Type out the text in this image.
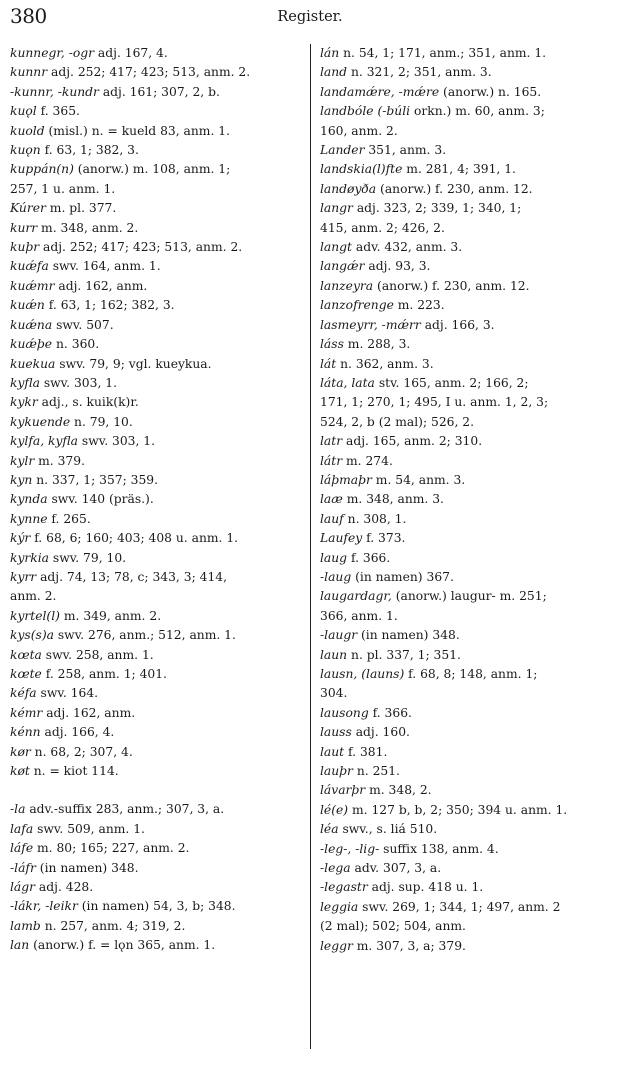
380	Register.
kunnegr, -ogr adj. 167, 4.
kunnr adj. 252; 417; 423; 513, anm. 2.
-kunnr, -kundr adj. 161; 307, 2, b.
kuǫl f. 365.
kuold (misl.) n. = kueld 83, anm. 1.
kuǫn f. 63, 1; 382, 3.
kuppán(n) (anorw.) m. 108, anm. 1;
257, 1 u. anm. 1.
Kúrer m. pl. 377.
kurr m. 348, anm. 2.
kuþr adj. 252; 417; 423; 513, anm. 2.
kuǽfa swv. 164, anm. 1.
kuǽmr adj. 162, anm.
kuǽn f. 63, 1; 162; 382, 3.
kuǽna swv. 507.
kuǽþe n. 360.
kuekua swv. 79, 9; vgl. kueykua.
kyfla swv. 303, 1.
kykr adj., s. kuik(k)r.
kykuende n. 79, 10.
kylfa, kyfla swv. 303, 1.
kylr m. 379.
kyn n. 337, 1; 357; 359.
kynda swv. 140 (präs.).
kynne f. 265.
kýr f. 68, 6; 160; 403; 408 u. anm. 1.
kyrkia swv. 79, 10.
kyrr adj. 74, 13; 78, c; 343, 3; 414,
anm. 2.
kyrtel(l) m. 349, anm. 2.
kys(s)a swv. 276, anm.; 512, anm. 1.
kœta swv. 258, anm. 1.
kœte f. 258, anm. 1; 401.
kéfa swv. 164.
kémr adj. 162, anm.
kénn adj. 166, 4.
kør n. 68, 2; 307, 4.
køt n. = kiot 114.
-la adv.-suffix 283, anm.; 307, 3, a.
lafa swv. 509, anm. 1.
láfe m. 80; 165; 227, anm. 2.
-láfr (in namen) 348.
lágr adj. 428.
-lákr, -leikr (in namen) 54, 3, b; 348.
lamb n. 257, anm. 4; 319, 2.
lan (anorw.) f. = lǫn 365, anm. 1.
lán n. 54, 1; 171, anm.; 351, anm. 1.
land n. 321, 2; 351, anm. 3.
landamǽre, -mǽre (anorw.) n. 165.
landbóle (-búli orkn.) m. 60, anm. 3;
160, anm. 2.
Lander 351, anm. 3.
landskia(l)fte m. 281, 4; 391, 1.
landøyða (anorw.) f. 230, anm. 12.
langr adj. 323, 2; 339, 1; 340, 1;
415, anm. 2; 426, 2.
langt adv. 432, anm. 3.
langǽr adj. 93, 3.
lanzeyra (anorw.) f. 230, anm. 12.
lanzofrenge m. 223.
lasmeyrr, -mǽrr adj. 166, 3.
láss m. 288, 3.
lát n. 362, anm. 3.
láta, lata stv. 165, anm. 2; 166, 2;
171, 1; 270, 1; 495, I u. anm. 1, 2, 3;
524, 2, b (2 mal); 526, 2.
latr adj. 165, anm. 2; 310.
látr m. 274.
láþmaþr m. 54, anm. 3.
laæ m. 348, anm. 3.
lauf n. 308, 1.
Laufey f. 373.
laug f. 366.
-laug (in namen) 367.
laugardagr, (anorw.) laugur- m. 251;
366, anm. 1.
-laugr (in namen) 348.
laun n. pl. 337, 1; 351.
lausn, (launs) f. 68, 8; 148, anm. 1;
304.
lausong f. 366.
lauss adj. 160.
laut f. 381.
lauþr n. 251.
lávarþr m. 348, 2.
lé(e) m. 127 b, b, 2; 350; 394 u. anm. 1.
léa swv., s. liá 510.
-leg-, -lig- suffix 138, anm. 4.
-lega adv. 307, 3, a.
-legastr adj. sup. 418 u. 1.
leggia swv. 269, 1; 344, 1; 497, anm. 2
(2 mal); 502; 504, anm.
leggr m. 307, 3, a; 379.
